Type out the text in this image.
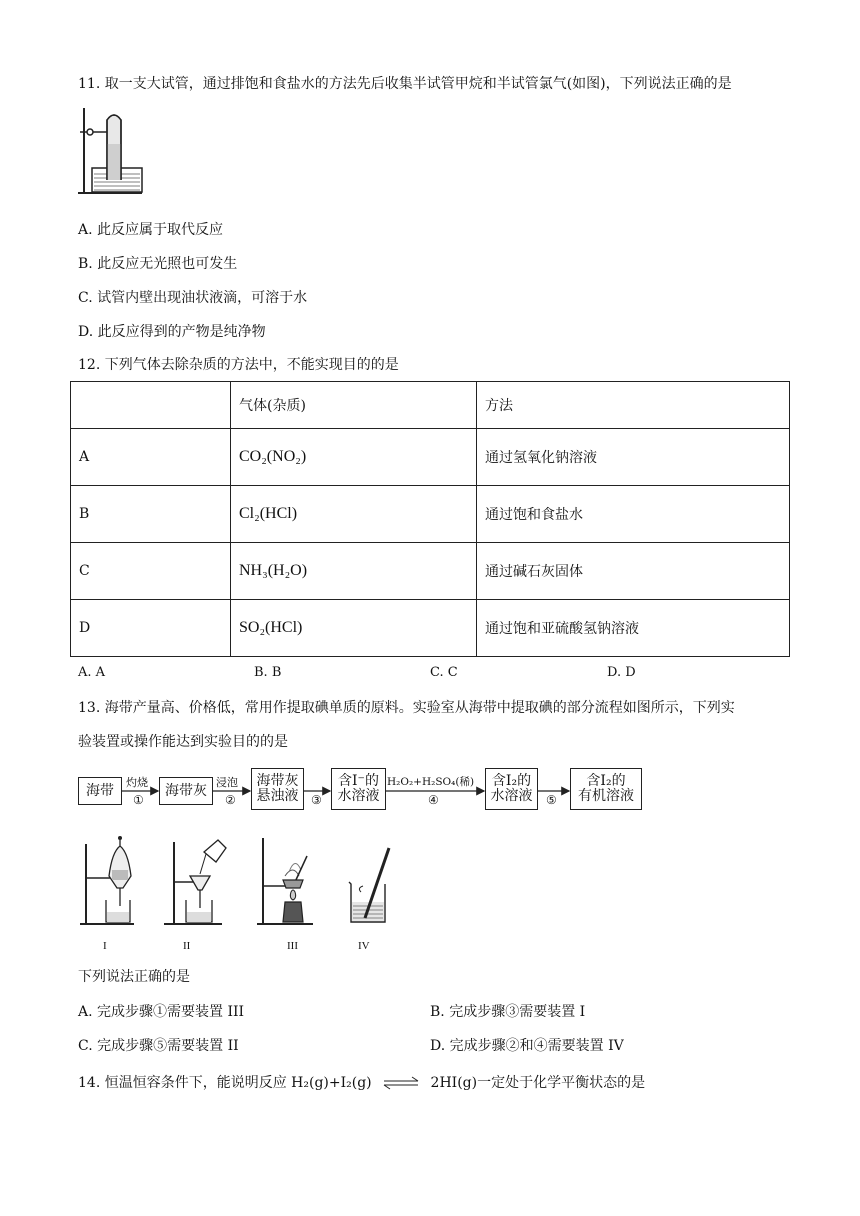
11. 取一支大试管，通过排饱和食盐水的方法先后收集半试管甲烷和半试管氯气(如图)，下列说法正确的是
A. 此反应属于取代反应
B. 此反应无光照也可发生
C. 试管内壁出现油状液滴，可溶于水
D. 此反应得到的产物是纯净物
12. 下列气体去除杂质的方法中，不能实现目的的是
	气体(杂质)	方法
A	CO₂(NO₂)	通过氢氧化钠溶液
B	Cl₂(HCl)	通过饱和食盐水
C	NH₃(H₂O)	通过碱石灰固体
D	SO₂(HCl)	通过饱和亚硫酸氢钠溶液
A. A	B. B	C. C	D. D
13. 海带产量高、价格低，常用作提取碘单质的原料。实验室从海带中提取碘的部分流程如图所示，下列实
验装置或操作能达到实验目的的是
海带	海带灰
海带灰
悬浊液
含I⁻的
水溶液
含I₂的
水溶液
含I₂的
有机溶液
灼烧	浸泡	H₂O₂+H₂SO₄(稀)
①	②	③	④	⑤
I	II	III	IV
下列说法正确的是
A. 完成步骤①需要装置 III	B. 完成步骤③需要装置 I
C. 完成步骤⑤需要装置 II	D. 完成步骤②和④需要装置 IV
14. 恒温恒容条件下，能说明反应 H₂(g)+I₂(g) ⇌ 2HI(g)一定处于化学平衡状态的是
